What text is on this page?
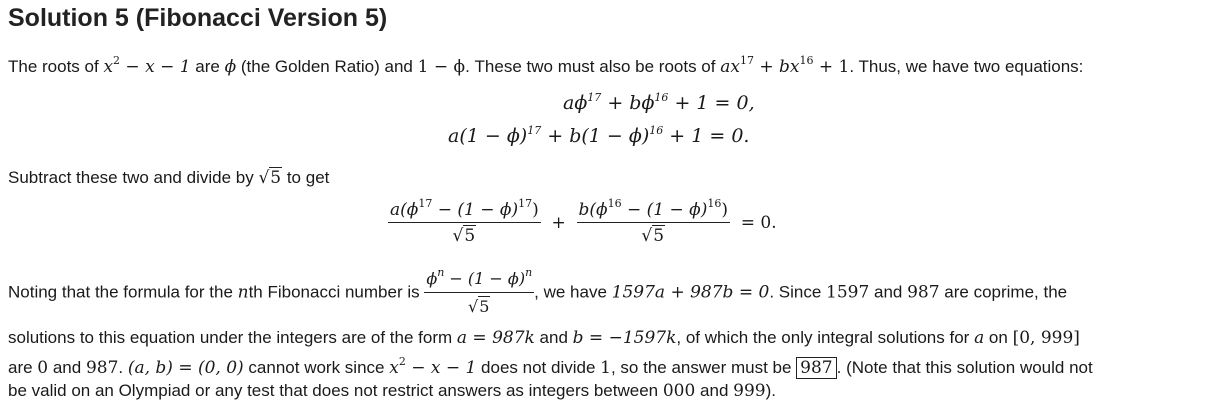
Solution 5 (Fibonacci Version 5)
The roots of $x^2 - x - 1$ are ϕ (the Golden Ratio) and 1 − ϕ. These two must also be roots of $ax^{17} + bx^{16} + 1$. Thus, we have two equations:
$a\phi^{17} + b\phi^{16} + 1 = 0$,
$a(1 - \phi)^{17} + b(1 - \phi)^{16} + 1 = 0$.
Subtract these two and divide by √5 to get
$\frac{a(\phi^{17} - (1 - \phi)^{17})}{√5} + \frac{b(\phi^{16} - (1 - \phi)^{16})}{√5} = 0$.
Noting that the formula for the nth Fibonacci number is $\frac{\phi^n - (1 - \phi)^n}{√5}$ , we have 1597a + 987b = 0. Since 1597 and 987 are coprime, the
solutions to this equation under the integers are of the form a = 987k and b = −1597k, of which the only integral solutions for a on [0, 999]
are 0 and 987. (a, b) = (0, 0) cannot work since $x^2 - x - 1$ does not divide 1, so the answer must be 987 . (Note that this solution would not
be valid on an Olympiad or any test that does not restrict answers as integers between 000 and 999).
